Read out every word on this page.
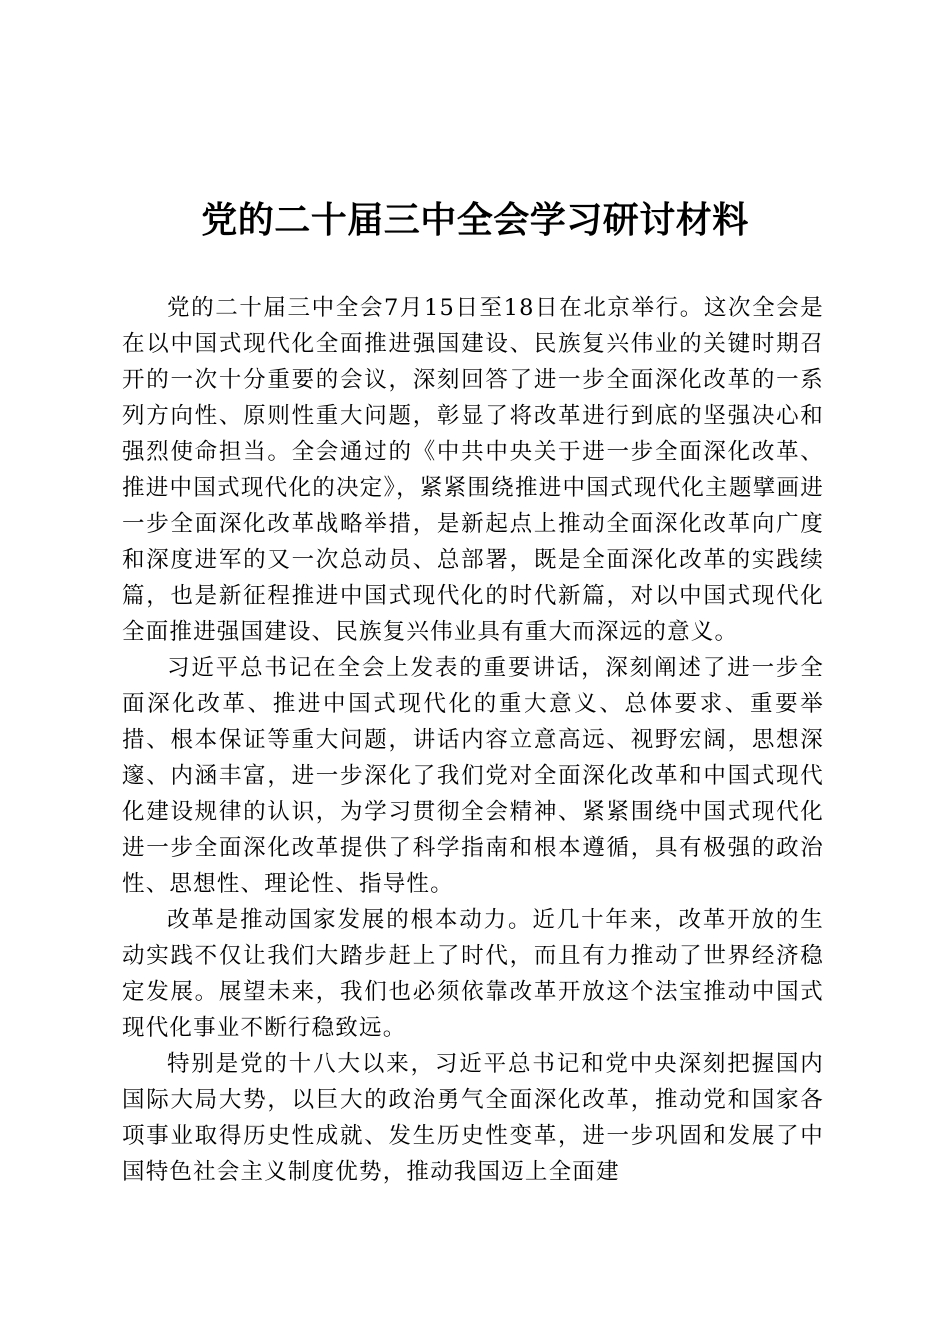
党的二十届三中全会学习研讨材料

党的二十届三中全会7月15日至18日在北京举行。这次全会是在以中国式现代化全面推进强国建设、民族复兴伟业的关键时期召开的一次十分重要的会议，深刻回答了进一步全面深化改革的一系列方向性、原则性重大问题，彰显了将改革进行到底的坚强决心和强烈使命担当。全会通过的《中共中央关于进一步全面深化改革、推进中国式现代化的决定》，紧紧围绕推进中国式现代化主题擘画进一步全面深化改革战略举措，是新起点上推动全面深化改革向广度和深度进军的又一次总动员、总部署，既是全面深化改革的实践续篇，也是新征程推进中国式现代化的时代新篇，对以中国式现代化全面推进强国建设、民族复兴伟业具有重大而深远的意义。

习近平总书记在全会上发表的重要讲话，深刻阐述了进一步全面深化改革、推进中国式现代化的重大意义、总体要求、重要举措、根本保证等重大问题，讲话内容立意高远、视野宏阔，思想深邃、内涵丰富，进一步深化了我们党对全面深化改革和中国式现代化建设规律的认识，为学习贯彻全会精神、紧紧围绕中国式现代化进一步全面深化改革提供了科学指南和根本遵循，具有极强的政治性、思想性、理论性、指导性。

改革是推动国家发展的根本动力。近几十年来，改革开放的生动实践不仅让我们大踏步赶上了时代，而且有力推动了世界经济稳定发展。展望未来，我们也必须依靠改革开放这个法宝推动中国式现代化事业不断行稳致远。

特别是党的十八大以来，习近平总书记和党中央深刻把握国内国际大局大势，以巨大的政治勇气全面深化改革，推动党和国家各项事业取得历史性成就、发生历史性变革，进一步巩固和发展了中国特色社会主义制度优势，推动我国迈上全面建
